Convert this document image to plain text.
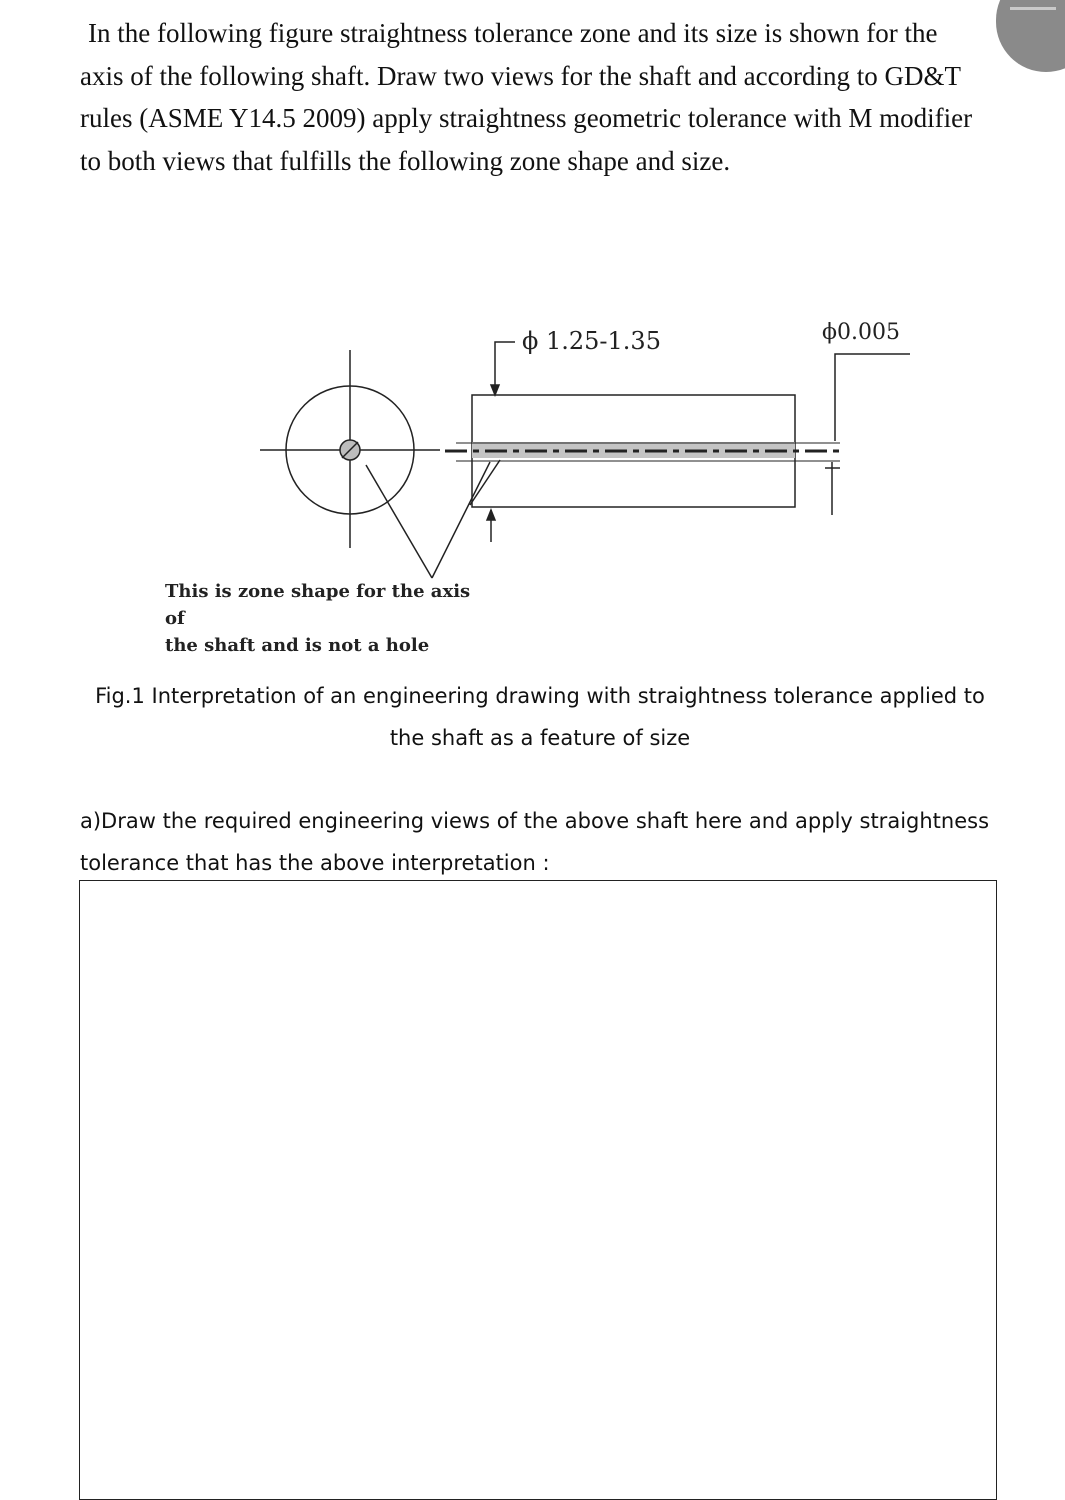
In the following figure straightness tolerance zone and its size is shown for the
axis of the following shaft. Draw two views for the shaft and according to GD&T
rules (ASME Y14.5 2009) apply straightness geometric tolerance with M modifier
to both views that fulfills the following zone shape and size.
ϕ 1.25-1.35	ϕ0.005
This is zone shape for the axis of
the shaft and is not a hole
Fig.1 Interpretation of an engineering drawing with straightness tolerance applied to
the shaft as a feature of size
a)Draw the required engineering views of the above shaft here and apply straightness
tolerance that has the above interpretation :
